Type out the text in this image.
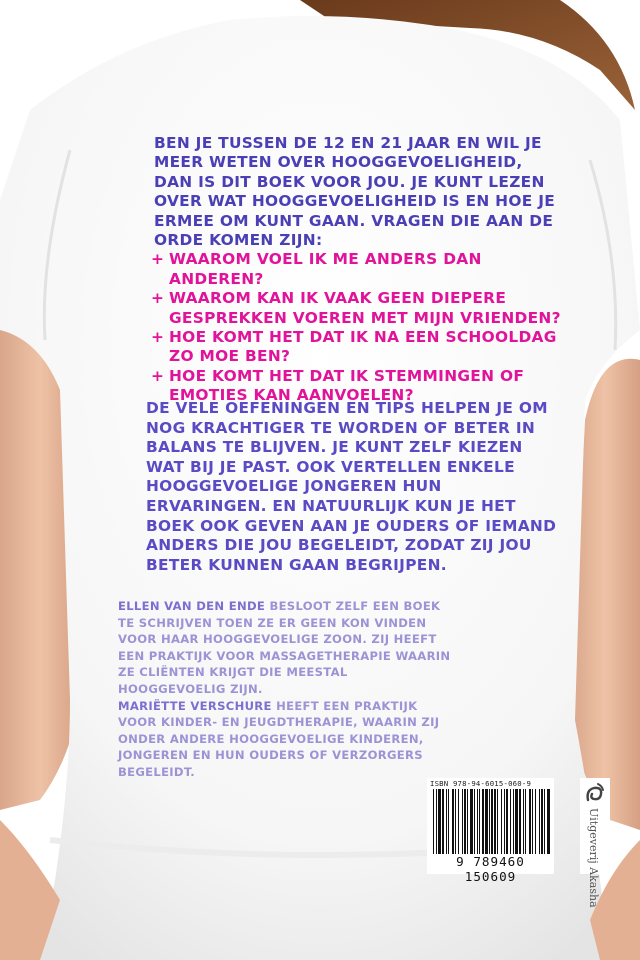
BEN JE TUSSEN DE 12 EN 21 JAAR EN WIL JE MEER WETEN OVER HOOGGEVOELIGHEID, DAN IS DIT BOEK VOOR JOU. JE KUNT LEZEN OVER WAT HOOGGEVOELIGHEID IS EN HOE JE ERMEE OM KUNT GAAN. VRAGEN DIE AAN DE ORDE KOMEN ZIJN:

+ WAAROM VOEL IK ME ANDERS DAN ANDEREN?
+ WAAROM KAN IK VAAK GEEN DIEPERE GESPREKKEN VOEREN MET MIJN VRIENDEN?
+ HOE KOMT HET DAT IK NA EEN SCHOOLDAG ZO MOE BEN?
+ HOE KOMT HET DAT IK STEMMINGEN OF EMOTIES KAN AANVOELEN?

DE VELE OEFENINGEN EN TIPS HELPEN JE OM NOG KRACHTIGER TE WORDEN OF BETER IN BALANS TE BLIJVEN. JE KUNT ZELF KIEZEN WAT BIJ JE PAST. OOK VERTELLEN ENKELE HOOGGEVOELIGE JONGEREN HUN ERVARINGEN. EN NATUURLIJK KUN JE HET BOEK OOK GEVEN AAN JE OUDERS OF IEMAND ANDERS DIE JOU BEGELEIDT, ZODAT ZIJ JOU BETER KUNNEN GAAN BEGRIJPEN.

ELLEN VAN DEN ENDE BESLOOT ZELF EEN BOEK TE SCHRIJVEN TOEN ZE ER GEEN KON VINDEN VOOR HAAR HOOGGEVOELIGE ZOON. ZIJ HEEFT EEN PRAKTIJK VOOR MASSAGETHERAPIE WAARIN ZE CLIËNTEN KRIJGT DIE MEESTAL HOOGGEVOELIG ZIJN.

MARIËTTE VERSCHURE HEEFT EEN PRAKTIJK VOOR KINDER- EN JEUGDTHERAPIE, WAARIN ZIJ ONDER ANDERE HOOGGEVOELIGE KINDEREN, JONGEREN EN HUN OUDERS OF VERZORGERS BEGELEIDT.

ISBN 978-94-6015-060-9
9 789460 150609	Uitgeverij Akasha
